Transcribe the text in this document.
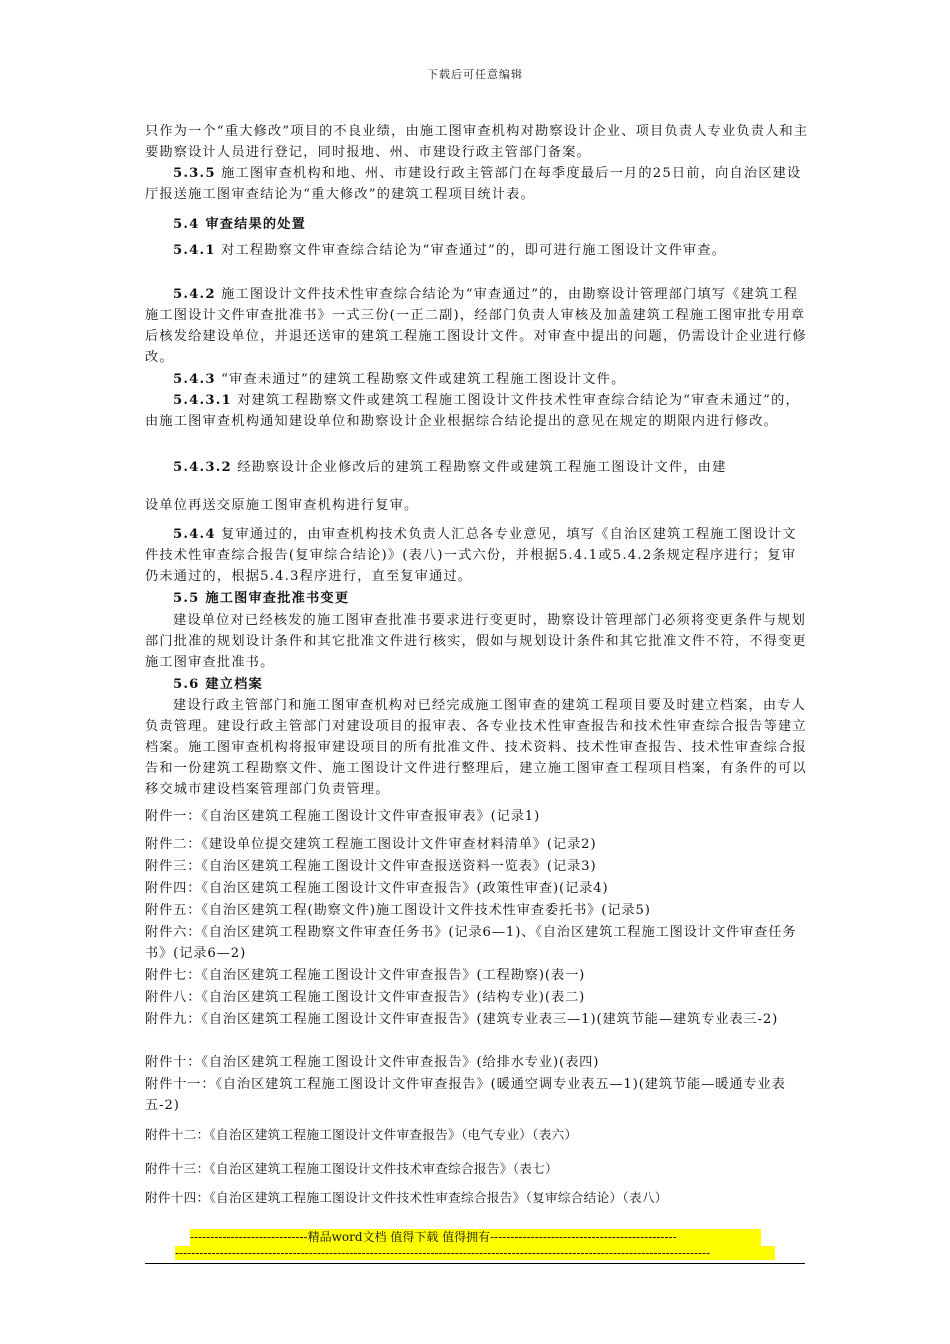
下载后可任意编辑
只作为一个“重大修改”项目的不良业绩，由施工图审查机构对勘察设计企业、项目负责人专业负责人和主要勘察设计人员进行登记，同时报地、州、市建设行政主管部门备案。
5.3.5 施工图审查机构和地、州、市建设行政主管部门在每季度最后一月的25日前，向自治区建设厅报送施工图审查结论为“重大修改”的建筑工程项目统计表。
5.4 审查结果的处置
5.4.1 对工程勘察文件审查综合结论为“审查通过”的，即可进行施工图设计文件审查。
5.4.2 施工图设计文件技术性审查综合结论为“审查通过”的，由勘察设计管理部门填写《建筑工程施工图设计文件审查批准书》一式三份(一正二副)，经部门负责人审核及加盖建筑工程施工图审批专用章后核发给建设单位，并退还送审的建筑工程施工图设计文件。对审查中提出的问题，仍需设计企业进行修改。
5.4.3 “审查未通过”的建筑工程勘察文件或建筑工程施工图设计文件。
5.4.3.1 对建筑工程勘察文件或建筑工程施工图设计文件技术性审查综合结论为“审查未通过”的，由施工图审查机构通知建设单位和勘察设计企业根据综合结论提出的意见在规定的期限内进行修改。
5.4.3.2 经勘察设计企业修改后的建筑工程勘察文件或建筑工程施工图设计文件，由建
设单位再送交原施工图审查机构进行复审。
5.4.4 复审通过的，由审查机构技术负责人汇总各专业意见，填写《自治区建筑工程施工图设计文件技术性审查综合报告(复审综合结论)》(表八)一式六份，并根据5.4.1或5.4.2条规定程序进行；复审仍未通过的，根据5.4.3程序进行，直至复审通过。
5.5 施工图审查批准书变更
建设单位对已经核发的施工图审查批准书要求进行变更时，勘察设计管理部门必须将变更条件与规划部门批准的规划设计条件和其它批准文件进行核实，假如与规划设计条件和其它批准文件不符，不得变更施工图审查批准书。
5.6 建立档案
建设行政主管部门和施工图审查机构对已经完成施工图审查的建筑工程项目要及时建立档案，由专人负责管理。建设行政主管部门对建设项目的报审表、各专业技术性审查报告和技术性审查综合报告等建立档案。施工图审查机构将报审建设项目的所有批准文件、技术资料、技术性审查报告、技术性审查综合报告和一份建筑工程勘察文件、施工图设计文件进行整理后，建立施工图审查工程项目档案，有条件的可以移交城市建设档案管理部门负责管理。
附件一：《自治区建筑工程施工图设计文件审查报审表》(记录1)
附件二：《建设单位提交建筑工程施工图设计文件审查材料清单》(记录2)
附件三：《自治区建筑工程施工图设计文件审查报送资料一览表》(记录3)
附件四：《自治区建筑工程施工图设计文件审查报告》(政策性审查)(记录4)
附件五：《自治区建筑工程(勘察文件)施工图设计文件技术性审查委托书》(记录5)
附件六：《自治区建筑工程勘察文件审查任务书》(记录6—1)、《自治区建筑工程施工图设计文件审查任务书》(记录6—2)
附件七：《自治区建筑工程施工图设计文件审查报告》(工程勘察)(表一)
附件八：《自治区建筑工程施工图设计文件审查报告》(结构专业)(表二)
附件九：《自治区建筑工程施工图设计文件审查报告》(建筑专业表三—1)(建筑节能—建筑专业表三-2)
附件十：《自治区建筑工程施工图设计文件审查报告》(给排水专业)(表四)
附件十一：《自治区建筑工程施工图设计文件审查报告》(暖通空调专业表五—1)(建筑节能—暖通专业表五-2)
附件十二：《自治区建筑工程施工图设计文件审查报告》（电气专业）（表六）
附件十三：《自治区建筑工程施工图设计文件技术审查综合报告》（表七）
附件十四：《自治区建筑工程施工图设计文件技术性审查综合报告》（复审综合结论）（表八）
-----------------------------精品word文档 值得下载 值得拥有----------------------------------------------
------------------------------------------------------------------------------------------------------------------------------------
